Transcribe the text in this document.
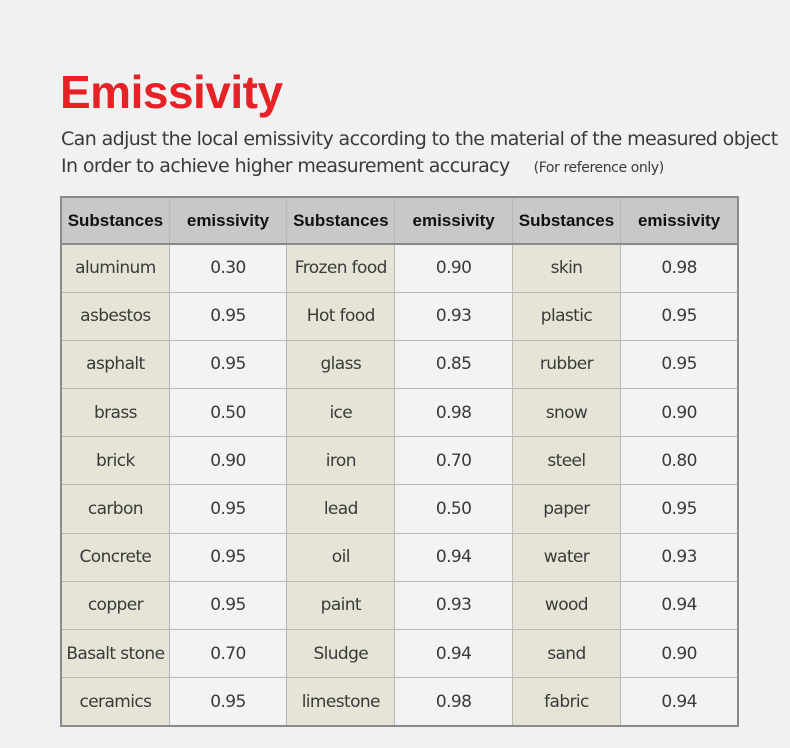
Emissivity
Can adjust the local emissivity according to the material of the measured object
In order to achieve higher measurement accuracy (For reference only)
Substances	emissivity	Substances	emissivity	Substances	emissivity
aluminum	0.30	Frozen food	0.90	skin	0.98
asbestos	0.95	Hot food	0.93	plastic	0.95
asphalt	0.95	glass	0.85	rubber	0.95
brass	0.50	ice	0.98	snow	0.90
brick	0.90	iron	0.70	steel	0.80
carbon	0.95	lead	0.50	paper	0.95
Concrete	0.95	oil	0.94	water	0.93
copper	0.95	paint	0.93	wood	0.94
Basalt stone	0.70	Sludge	0.94	sand	0.90
ceramics	0.95	limestone	0.98	fabric	0.94
